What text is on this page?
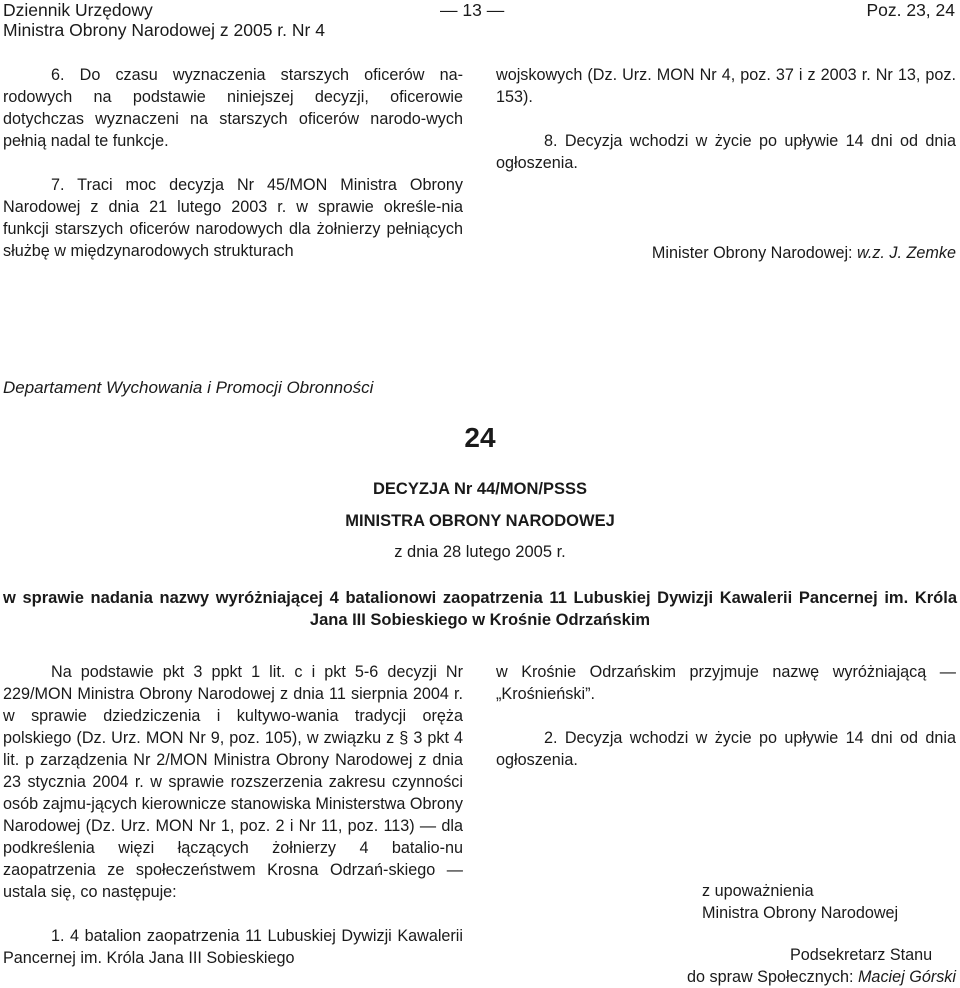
Dziennik Urzędowy
Ministra Obrony Narodowej z 2005 r. Nr 4
— 13 —	Poz. 23, 24

6. Do czasu wyznaczenia starszych oficerów na-rodowych na podstawie niniejszej decyzji, oficerowie dotychczas wyznaczeni na starszych oficerów narodo-wych pełnią nadal te funkcje.

7. Traci moc decyzja Nr 45/MON Ministra Obrony Narodowej z dnia 21 lutego 2003 r. w sprawie określe-nia funkcji starszych oficerów narodowych dla żołnierzy pełniących służbę w międzynarodowych strukturach

wojskowych (Dz. Urz. MON Nr 4, poz. 37 i z 2003 r. Nr 13, poz. 153).

8. Decyzja wchodzi w życie po upływie 14 dni od dnia ogłoszenia.

Minister Obrony Narodowej: w.z. J. Zemke
Departament Wychowania i Promocji Obronności
24
DECYZJA Nr 44/MON/PSSS
MINISTRA OBRONY NARODOWEJ
z dnia 28 lutego 2005 r.
w sprawie nadania nazwy wyróżniającej 4 batalionowi zaopatrzenia 11 Lubuskiej Dywizji Kawalerii Pancernej im. Króla Jana III Sobieskiego w Krośnie Odrzańskim

Na podstawie pkt 3 ppkt 1 lit. c i pkt 5-6 decyzji Nr 229/MON Ministra Obrony Narodowej z dnia 11 sierpnia 2004 r. w sprawie dziedziczenia i kultywo-wania tradycji oręża polskiego (Dz. Urz. MON Nr 9, poz. 105), w związku z § 3 pkt 4 lit. p zarządzenia Nr 2/MON Ministra Obrony Narodowej z dnia 23 stycznia 2004 r. w sprawie rozszerzenia zakresu czynności osób zajmu-jących kierownicze stanowiska Ministerstwa Obrony Narodowej (Dz. Urz. MON Nr 1, poz. 2 i Nr 11, poz. 113) — dla podkreślenia więzi łączących żołnierzy 4 bataliо-nu zaopatrzenia ze społeczeństwem Krosna Odrzań-skiego — ustala się, co następuje:

1. 4 batalion zaopatrzenia 11 Lubuskiej Dywizji Kawalerii Pancernej im. Króla Jana III Sobieskiego

w Krośnie Odrzańskim przyjmuje nazwę wyróżniającą — „Krośnieński”.

2. Decyzja wchodzi w życie po upływie 14 dni od dnia ogłoszenia.

z upoważnienia
Ministra Obrony Narodowej
Podsekretarz Stanu
do spraw Społecznych: Maciej Górski
